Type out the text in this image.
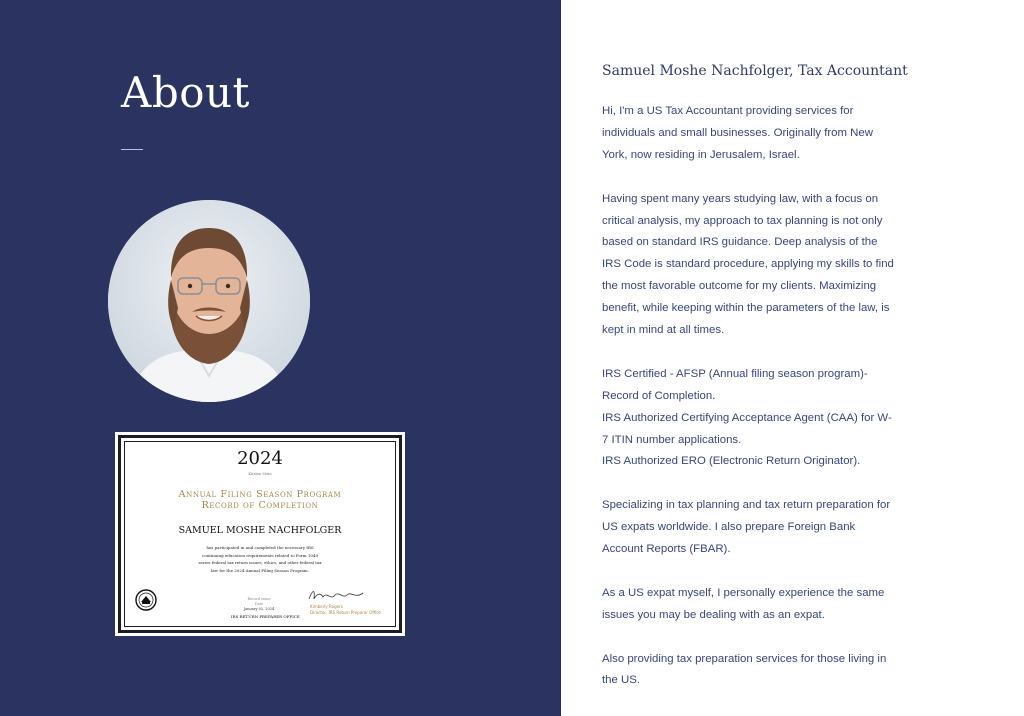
About
2024
Kirsten Stein
Annual Filing Season Program
Record of Completion
SAMUEL MOSHE NACHFOLGER
has participated in and completed the necessary IRS
continuing education requirements related to Form 1040
series federal tax return issues, ethics, and other federal tax
law for the 2024 Annual Filing Season Program.
Record Issue Date
January 02, 2024	Kimberly Rogers
Director, IRS Return Preparer Office
IRS RETURN PREPARER OFFICE
Samuel Moshe Nachfolger, Tax Accountant

Hi, I'm a US Tax Accountant providing services for individuals and small businesses. Originally from New York, now residing in Jerusalem, Israel.

Having spent many years studying law, with a focus on critical analysis, my approach to tax planning is not only based on standard IRS guidance. Deep analysis of the IRS Code is standard procedure, applying my skills to find the most favorable outcome for my clients. Maximizing benefit, while keeping within the parameters of the law, is kept in mind at all times.

IRS Certified - AFSP (Annual filing season program)- Record of Completion.
IRS Authorized Certifying Acceptance Agent (CAA) for W-7 ITIN number applications.
IRS Authorized ERO (Electronic Return Originator).

Specializing in tax planning and tax return preparation for US expats worldwide. I also prepare Foreign Bank Account Reports (FBAR).

As a US expat myself, I personally experience the same issues you may be dealing with as an expat.

Also providing tax preparation services for those living in the US.
